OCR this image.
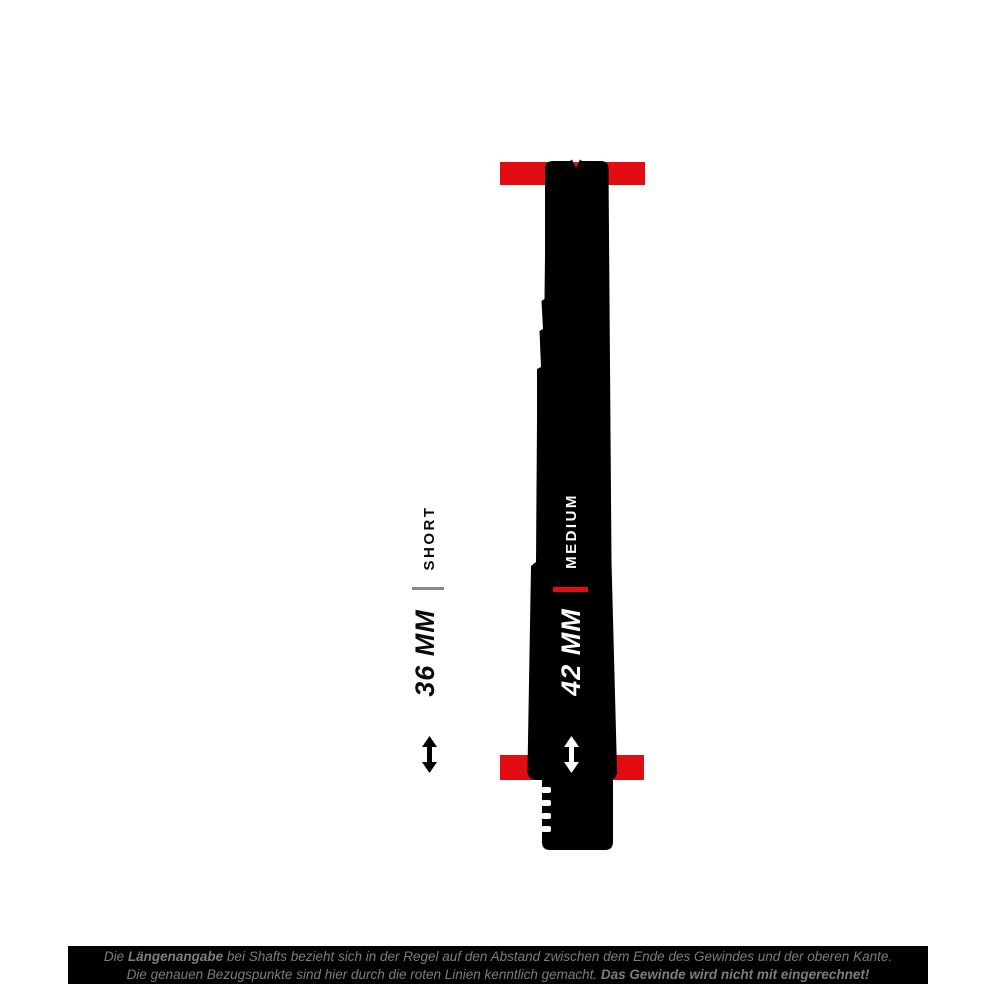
SHORT
36 MM
MEDIUM
42 MM
Die Längenangabe bei Shafts bezieht sich in der Regel auf den Abstand zwischen dem Ende des Gewindes und der oberen Kante.
Die genauen Bezugspunkte sind hier durch die roten Linien kenntlich gemacht. Das Gewinde wird nicht mit eingerechnet!
